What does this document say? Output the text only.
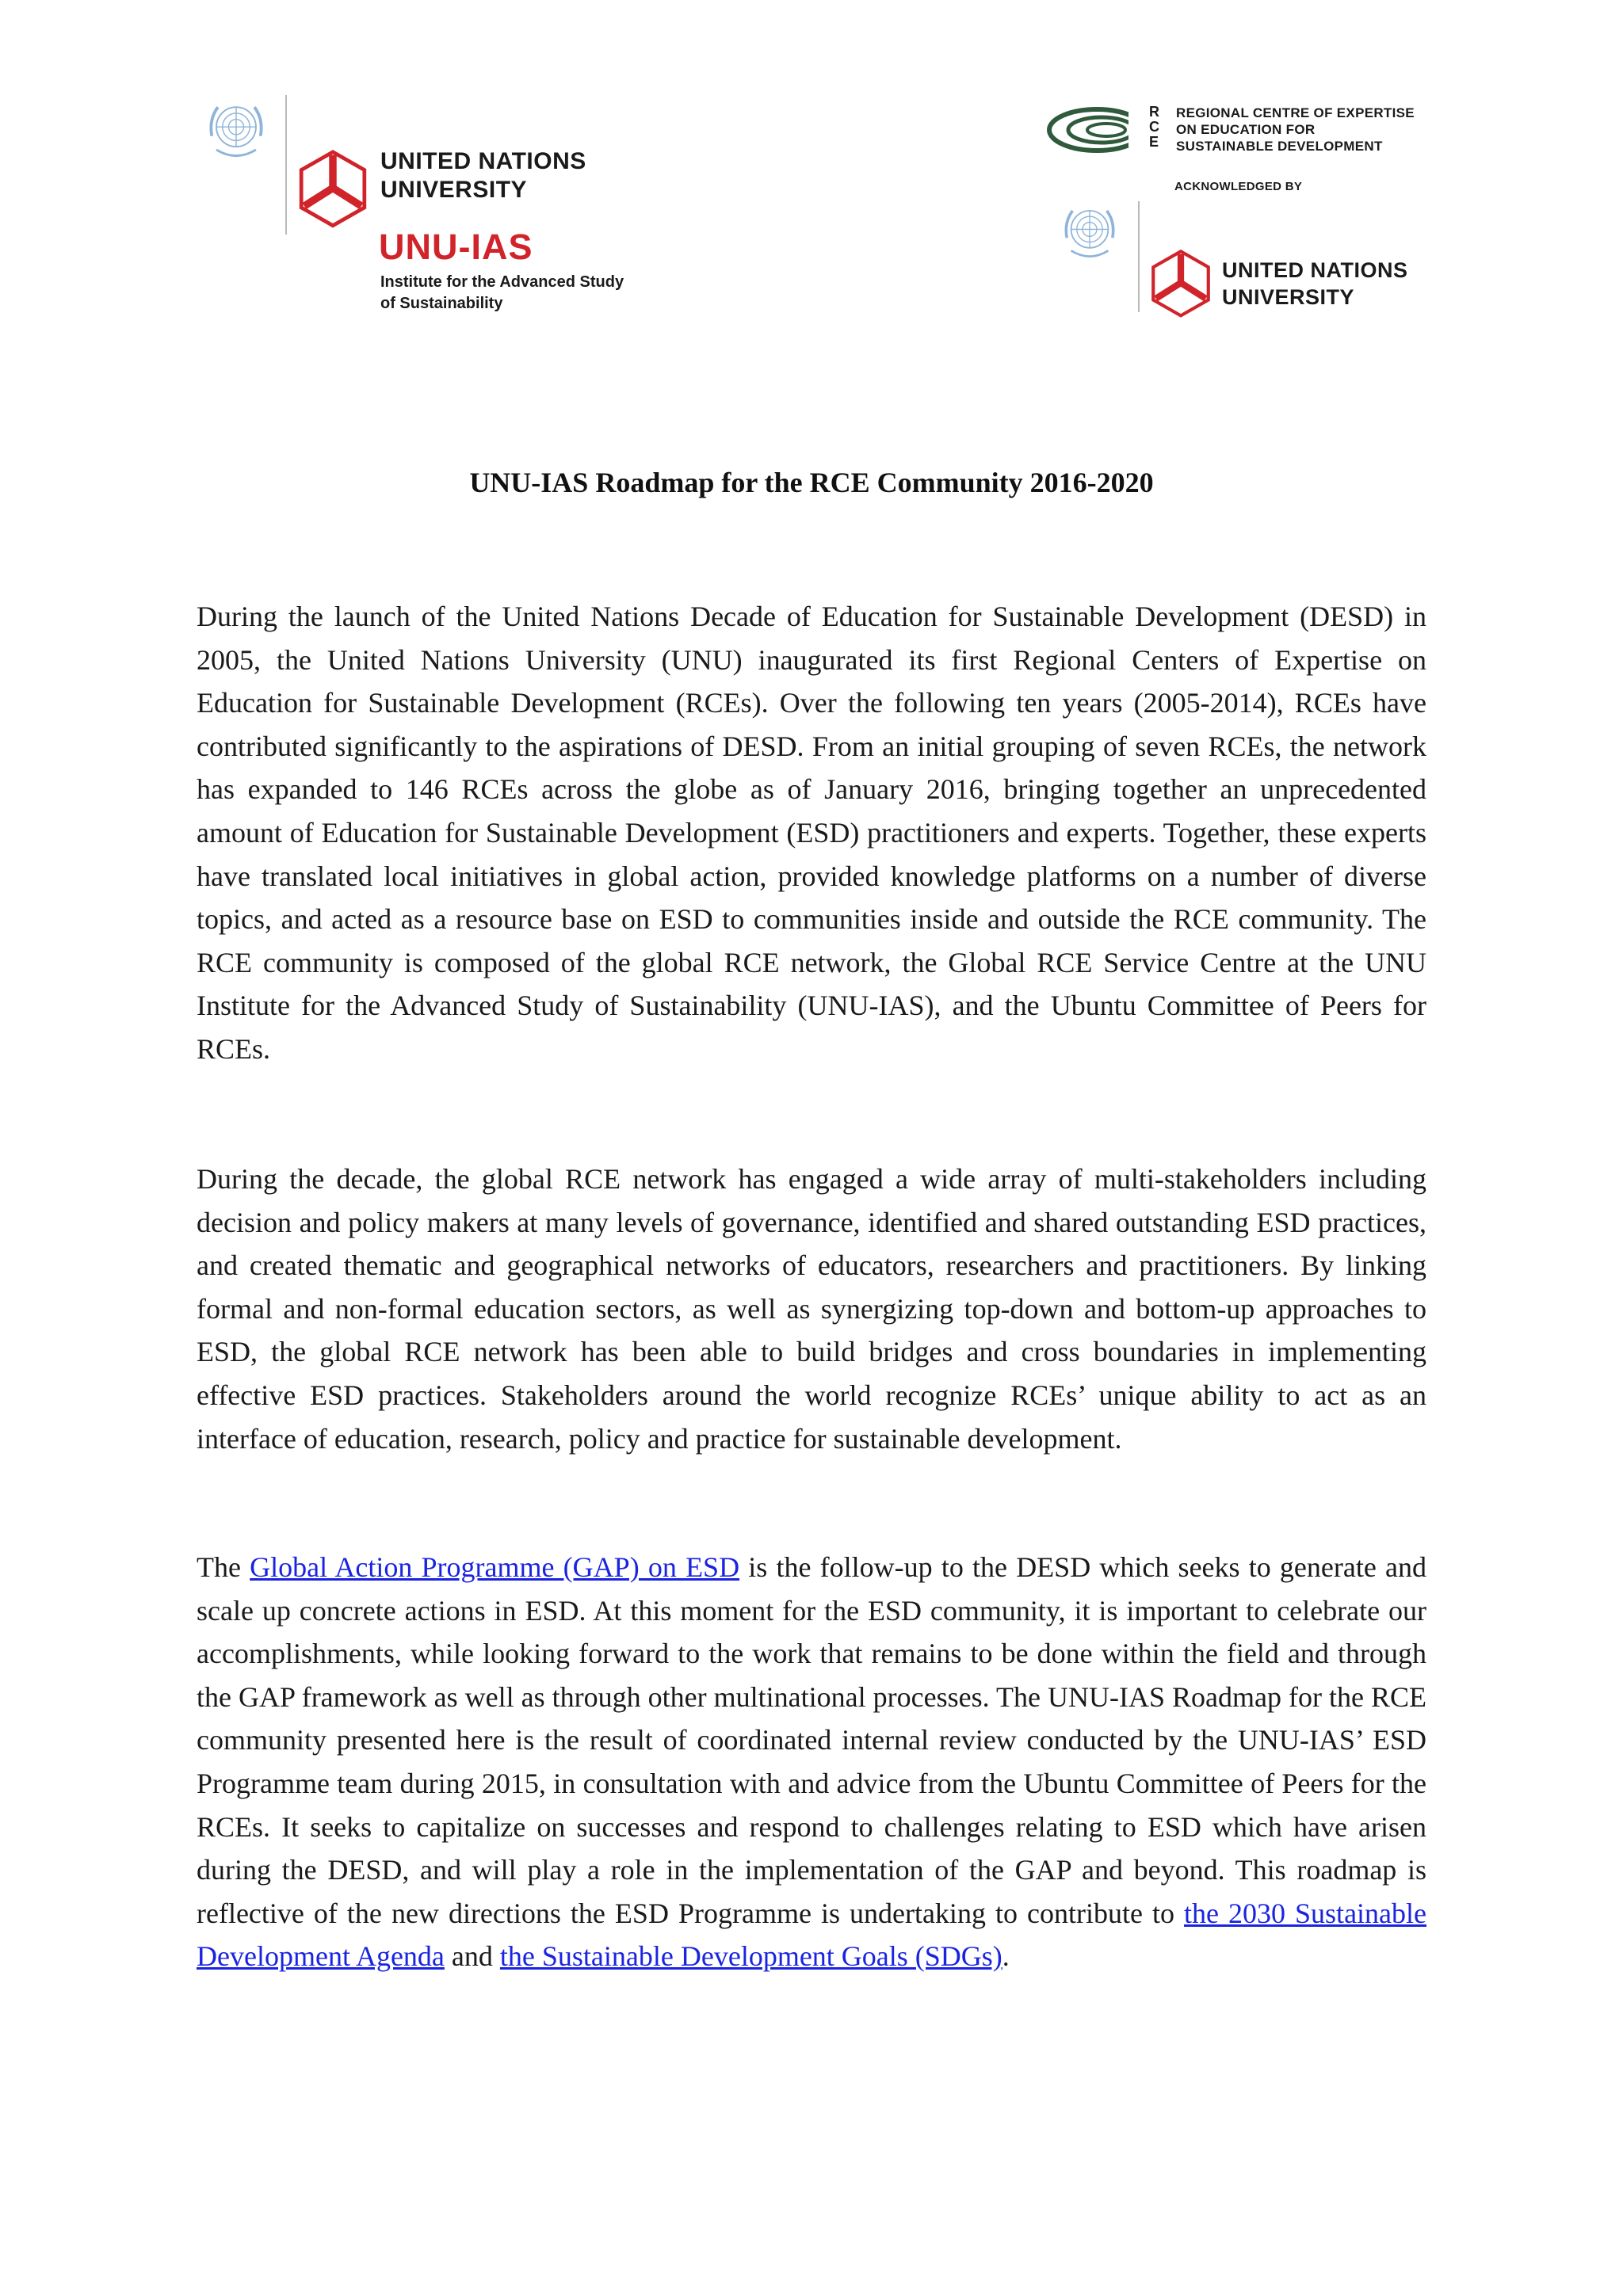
UNITED NATIONS
UNIVERSITY
UNU-IAS
Institute for the Advanced Study
of Sustainability
R
C
E
REGIONAL CENTRE OF EXPERTISE
ON EDUCATION FOR
SUSTAINABLE DEVELOPMENT
ACKNOWLEDGED BY
UNITED NATIONS
UNIVERSITY
UNU-IAS Roadmap for the RCE Community 2016-2020

During the launch of the United Nations Decade of Education for Sustainable Development (DESD) in 2005, the United Nations University (UNU) inaugurated its first Regional Centers of Expertise on Education for Sustainable Development (RCEs). Over the following ten years (2005-2014), RCEs have contributed significantly to the aspirations of DESD. From an initial grouping of seven RCEs, the network has expanded to 146 RCEs across the globe as of January 2016, bringing together an unprecedented amount of Education for Sustainable Development (ESD) practitioners and experts. Together, these experts have translated local initiatives in global action, provided knowledge platforms on a number of diverse topics, and acted as a resource base on ESD to communities inside and outside the RCE community. The RCE community is composed of the global RCE network, the Global RCE Service Centre at the UNU Institute for the Advanced Study of Sustainability (UNU-IAS), and the Ubuntu Committee of Peers for RCEs.

During the decade, the global RCE network has engaged a wide array of multi-stakeholders including decision and policy makers at many levels of governance, identified and shared outstanding ESD practices, and created thematic and geographical networks of educators, researchers and practitioners. By linking formal and non-formal education sectors, as well as synergizing top-down and bottom-up approaches to ESD, the global RCE network has been able to build bridges and cross boundaries in implementing effective ESD practices. Stakeholders around the world recognize RCEs’ unique ability to act as an interface of education, research, policy and practice for sustainable development.

The Global Action Programme (GAP) on ESD is the follow-up to the DESD which seeks to generate and scale up concrete actions in ESD. At this moment for the ESD community, it is important to celebrate our accomplishments, while looking forward to the work that remains to be done within the field and through the GAP framework as well as through other multinational processes. The UNU-IAS Roadmap for the RCE community presented here is the result of coordinated internal review conducted by the UNU-IAS’ ESD Programme team during 2015, in consultation with and advice from the Ubuntu Committee of Peers for the RCEs. It seeks to capitalize on successes and respond to challenges relating to ESD which have arisen during the DESD, and will play a role in the implementation of the GAP and beyond. This roadmap is reflective of the new directions the ESD Programme is undertaking to contribute to the 2030 Sustainable Development Agenda and the Sustainable Development Goals (SDGs).
